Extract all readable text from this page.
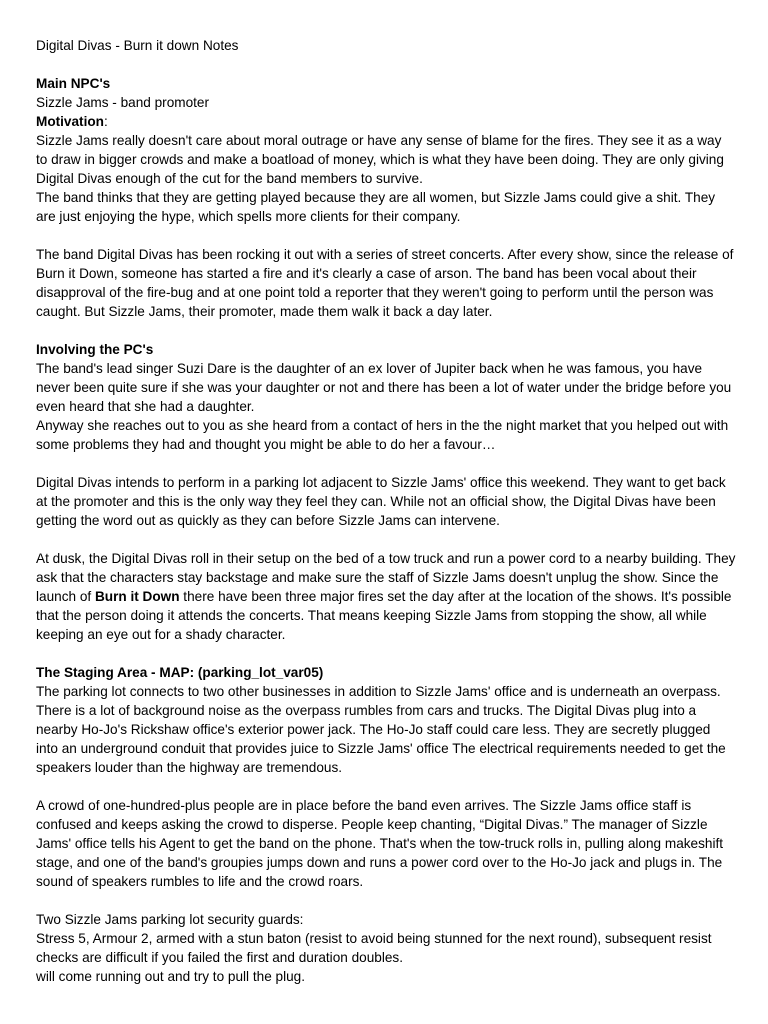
Digital Divas - Burn it down Notes

Main NPC's

Sizzle Jams - band promoter

Motivation:

Sizzle Jams really doesn't care about moral outrage or have any sense of blame for the fires. They see it as a way to draw in bigger crowds and make a boatload of money, which is what they have been doing. They are only giving Digital Divas enough of the cut for the band members to survive.

The band thinks that they are getting played because they are all women, but Sizzle Jams could give a shit. They are just enjoying the hype, which spells more clients for their company.

The band Digital Divas has been rocking it out with a series of street concerts. After every show, since the release of Burn it Down, someone has started a fire and it's clearly a case of arson. The band has been vocal about their disapproval of the fire-bug and at one point told a reporter that they weren't going to perform until the person was caught. But Sizzle Jams, their promoter, made them walk it back a day later.

Involving the PC's

The band's lead singer Suzi Dare is the daughter of an ex lover of Jupiter back when he was famous, you have never been quite sure if she was your daughter or not and there has been a lot of water under the bridge before you even heard that she had a daughter.

Anyway she reaches out to you as she heard from a contact of hers in the the night market that you helped out with some problems they had and thought you might be able to do her a favour…

Digital Divas intends to perform in a parking lot adjacent to Sizzle Jams' office this weekend. They want to get back at the promoter and this is the only way they feel they can. While not an official show, the Digital Divas have been getting the word out as quickly as they can before Sizzle Jams can intervene.

At dusk, the Digital Divas roll in their setup on the bed of a tow truck and run a power cord to a nearby building. They ask that the characters stay backstage and make sure the staff of Sizzle Jams doesn't unplug the show. Since the launch of Burn it Down there have been three major fires set the day after at the location of the shows. It's possible that the person doing it attends the concerts. That means keeping Sizzle Jams from stopping the show, all while keeping an eye out for a shady character.

The Staging Area - MAP: (parking_lot_var05)

The parking lot connects to two other businesses in addition to Sizzle Jams' office and is underneath an overpass. There is a lot of background noise as the overpass rumbles from cars and trucks. The Digital Divas plug into a nearby Ho-Jo's Rickshaw office's exterior power jack. The Ho-Jo staff could care less. They are secretly plugged into an underground conduit that provides juice to Sizzle Jams' office The electrical requirements needed to get the speakers louder than the highway are tremendous.

A crowd of one-hundred-plus people are in place before the band even arrives. The Sizzle Jams office staff is confused and keeps asking the crowd to disperse. People keep chanting, “Digital Divas.” The manager of Sizzle Jams' office tells his Agent to get the band on the phone. That's when the tow-truck rolls in, pulling along makeshift stage, and one of the band's groupies jumps down and runs a power cord over to the Ho-Jo jack and plugs in. The sound of speakers rumbles to life and the crowd roars.

Two Sizzle Jams parking lot security guards:

Stress 5, Armour 2, armed with a stun baton (resist to avoid being stunned for the next round), subsequent resist checks are difficult if you failed the first and duration doubles.

will come running out and try to pull the plug.
